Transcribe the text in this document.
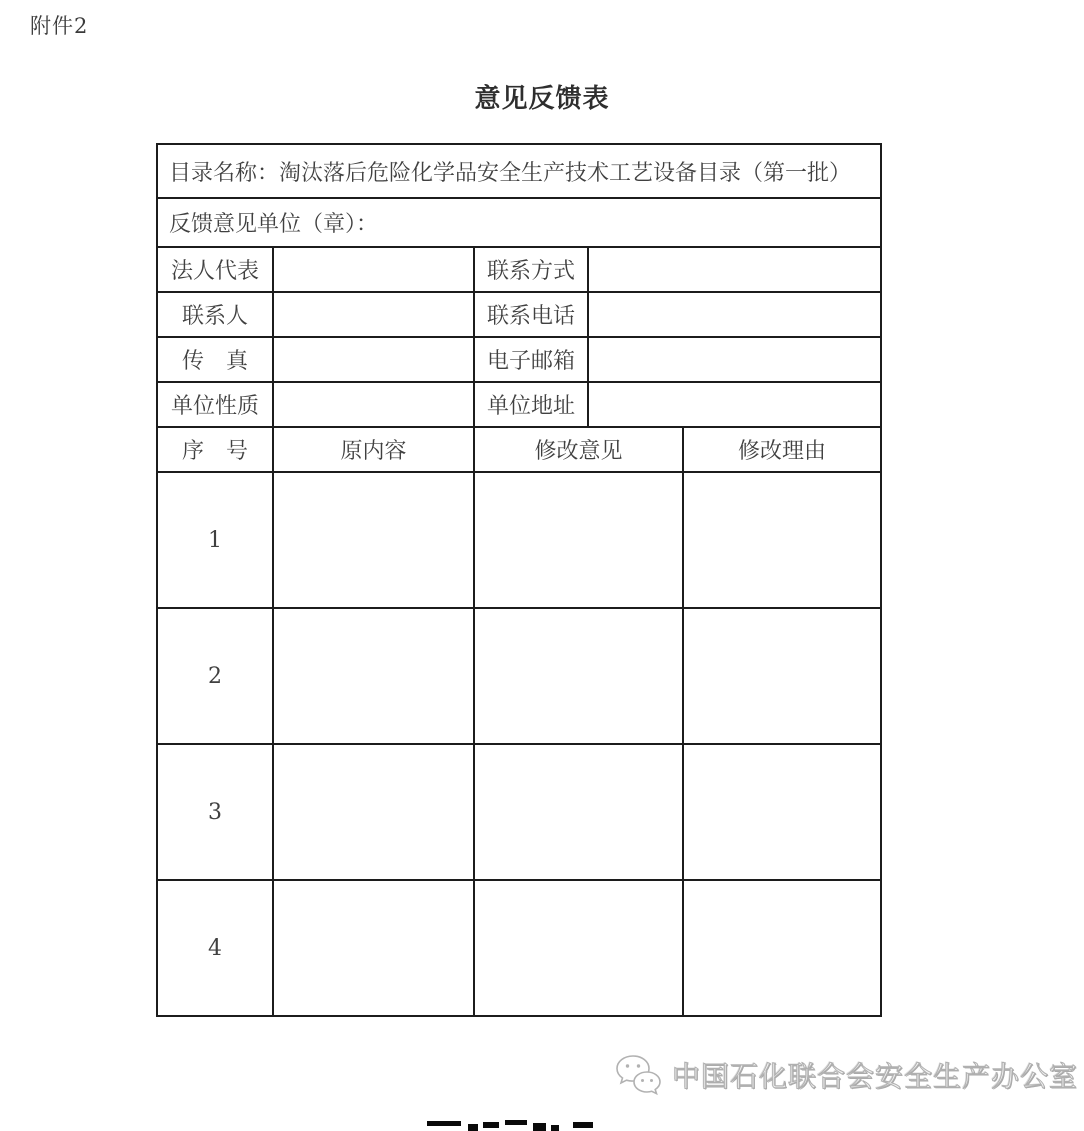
附件2
意见反馈表
目录名称：淘汰落后危险化学品安全生产技术工艺设备目录（第一批）				
反馈意见单位（章）：				
法人代表		联系方式		
联系人		联系电话		
传　真		电子邮箱		
单位性质		单位地址		
序　号	原内容	修改意见		修改理由
1				
2				
3				
4				
中国石化联合会安全生产办公室
